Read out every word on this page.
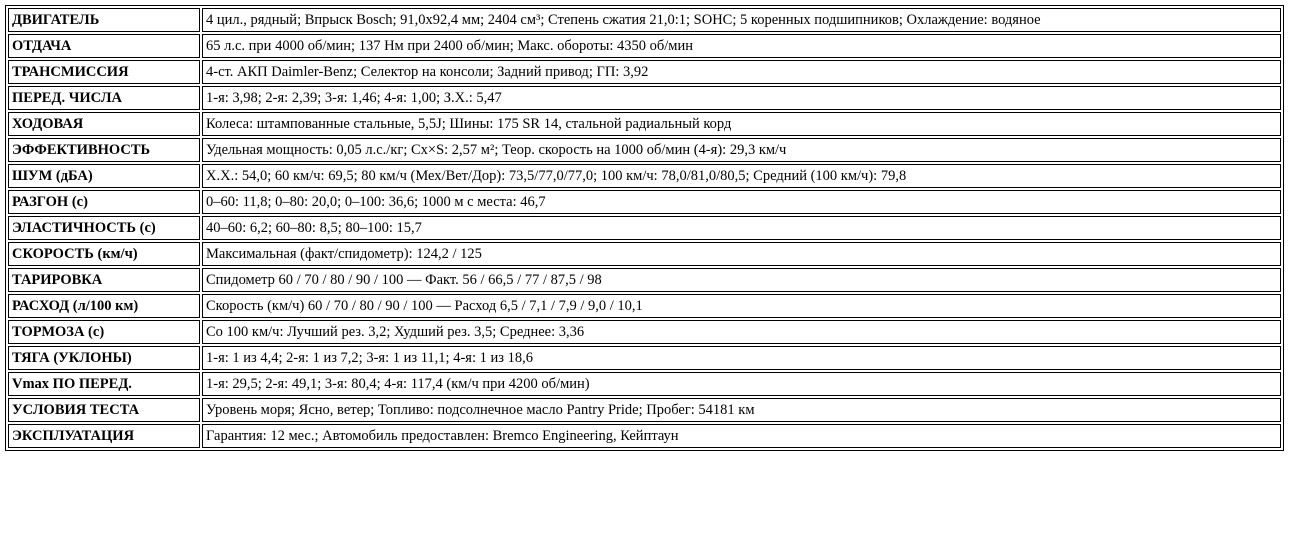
ДВИГАТЕЛЬ	4 цил., рядный; Впрыск Bosch; 91,0x92,4 мм; 2404 см³; Степень сжатия 21,0:1; SOHC; 5 коренных подшипников; Охлаждение: водяное
ОТДАЧА	65 л.с. при 4000 об/мин; 137 Нм при 2400 об/мин; Макс. обороты: 4350 об/мин
ТРАНСМИССИЯ	4-ст. АКП Daimler-Benz; Селектор на консоли; Задний привод; ГП: 3,92
ПЕРЕД. ЧИСЛА	1-я: 3,98; 2-я: 2,39; 3-я: 1,46; 4-я: 1,00; З.Х.: 5,47
ХОДОВАЯ	Колеса: штампованные стальные, 5,5J; Шины: 175 SR 14, стальной радиальный корд
ЭФФЕКТИВНОСТЬ	Удельная мощность: 0,05 л.с./кг; Cx×S: 2,57 м²; Теор. скорость на 1000 об/мин (4-я): 29,3 км/ч
ШУМ (дБА)	Х.Х.: 54,0; 60 км/ч: 69,5; 80 км/ч (Мех/Вет/Дор): 73,5/77,0/77,0; 100 км/ч: 78,0/81,0/80,5; Средний (100 км/ч): 79,8
РАЗГОН (с)	0–60: 11,8; 0–80: 20,0; 0–100: 36,6; 1000 м с места: 46,7
ЭЛАСТИЧНОСТЬ (с)	40–60: 6,2; 60–80: 8,5; 80–100: 15,7
СКОРОСТЬ (км/ч)	Максимальная (факт/спидометр): 124,2 / 125
ТАРИРОВКА	Спидометр 60 / 70 / 80 / 90 / 100 — Факт. 56 / 66,5 / 77 / 87,5 / 98
РАСХОД (л/100 км)	Скорость (км/ч) 60 / 70 / 80 / 90 / 100 — Расход 6,5 / 7,1 / 7,9 / 9,0 / 10,1
ТОРМОЗА (с)	Со 100 км/ч: Лучший рез. 3,2; Худший рез. 3,5; Среднее: 3,36
ТЯГА (УКЛОНЫ)	1-я: 1 из 4,4; 2-я: 1 из 7,2; 3-я: 1 из 11,1; 4-я: 1 из 18,6
Vmax ПО ПЕРЕД.	1-я: 29,5; 2-я: 49,1; 3-я: 80,4; 4-я: 117,4 (км/ч при 4200 об/мин)
УСЛОВИЯ ТЕСТА	Уровень моря; Ясно, ветер; Топливо: подсолнечное масло Pantry Pride; Пробег: 54181 км
ЭКСПЛУАТАЦИЯ	Гарантия: 12 мес.; Автомобиль предоставлен: Bremco Engineering, Кейптаун
